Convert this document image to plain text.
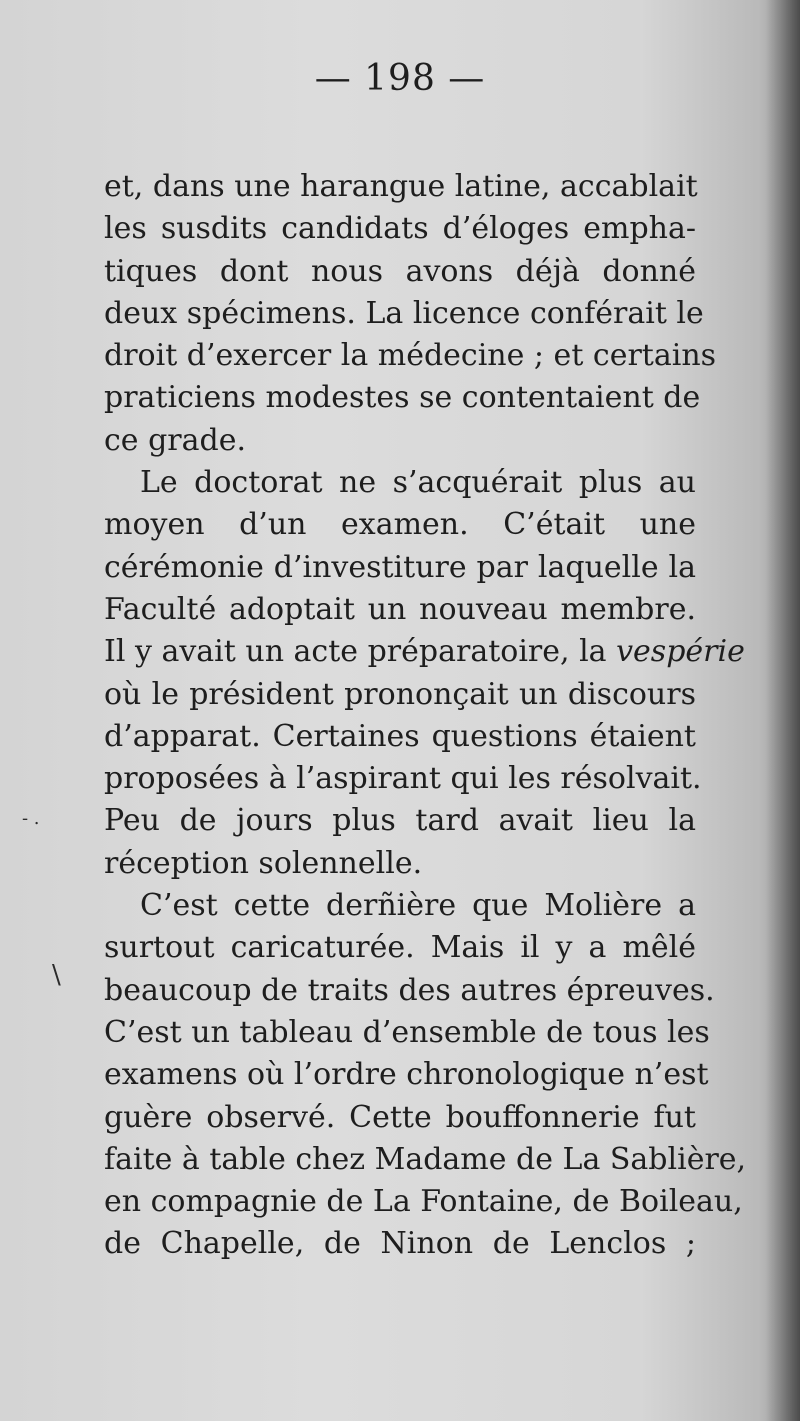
— 198 —
et, dans une harangue latine, accablait
les susdits candidats d’éloges empha-
tiques dont nous avons déjà donné
deux spécimens. La licence conférait le
droit d’exercer la médecine ; et certains
praticiens modestes se contentaient de
ce grade.
Le doctorat ne s’acquérait plus au
moyen d’un examen. C’était une
cérémonie d’investiture par laquelle la
Faculté adoptait un nouveau membre.
Il y avait un acte préparatoire, la vespérie
où le président prononçait un discours
d’apparat. Certaines questions étaient
proposées à l’aspirant qui les résolvait.
Peu de jours plus tard avait lieu la
réception solennelle.
C’est cette derñière que Molière a
surtout caricaturée. Mais il y a mêlé
beaucoup de traits des autres épreuves.
C’est un tableau d’ensemble de tous les
examens où l’ordre chronologique n’est
guère observé. Cette bouffonnerie fut
faite à table chez Madame de La Sablière,
en compagnie de La Fontaine, de Boileau,
de Chapelle, de Ninon de Lenclos ;
\
- .
